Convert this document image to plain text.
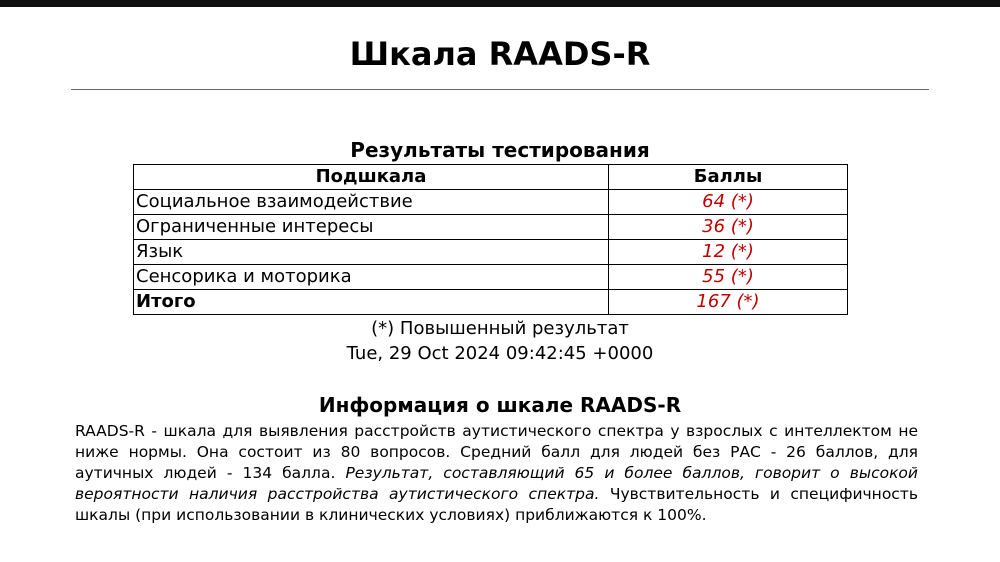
Шкала RAADS-R
Результаты тестирования
Подшкала	Баллы
Социальное взаимодействие	64 (*)
Ограниченные интересы	36 (*)
Язык	12 (*)
Сенсорика и моторика	55 (*)
Итого	167 (*)
(*) Повышенный результат
Tue, 29 Oct 2024 09:42:45 +0000
Информация о шкале RAADS-R
RAADS-R - шкала для выявления расстройств аутистического спектра у взрослых с интеллектом не ниже нормы. Она состоит из 80 вопросов. Средний балл для людей без РАС - 26 баллов, для аутичных людей - 134 балла. Результат, составляющий 65 и более баллов, говорит о высокой вероятности наличия расстройства аутистического спектра. Чувствительность и специфичность шкалы (при использовании в клинических условиях) приближаются к 100%.
